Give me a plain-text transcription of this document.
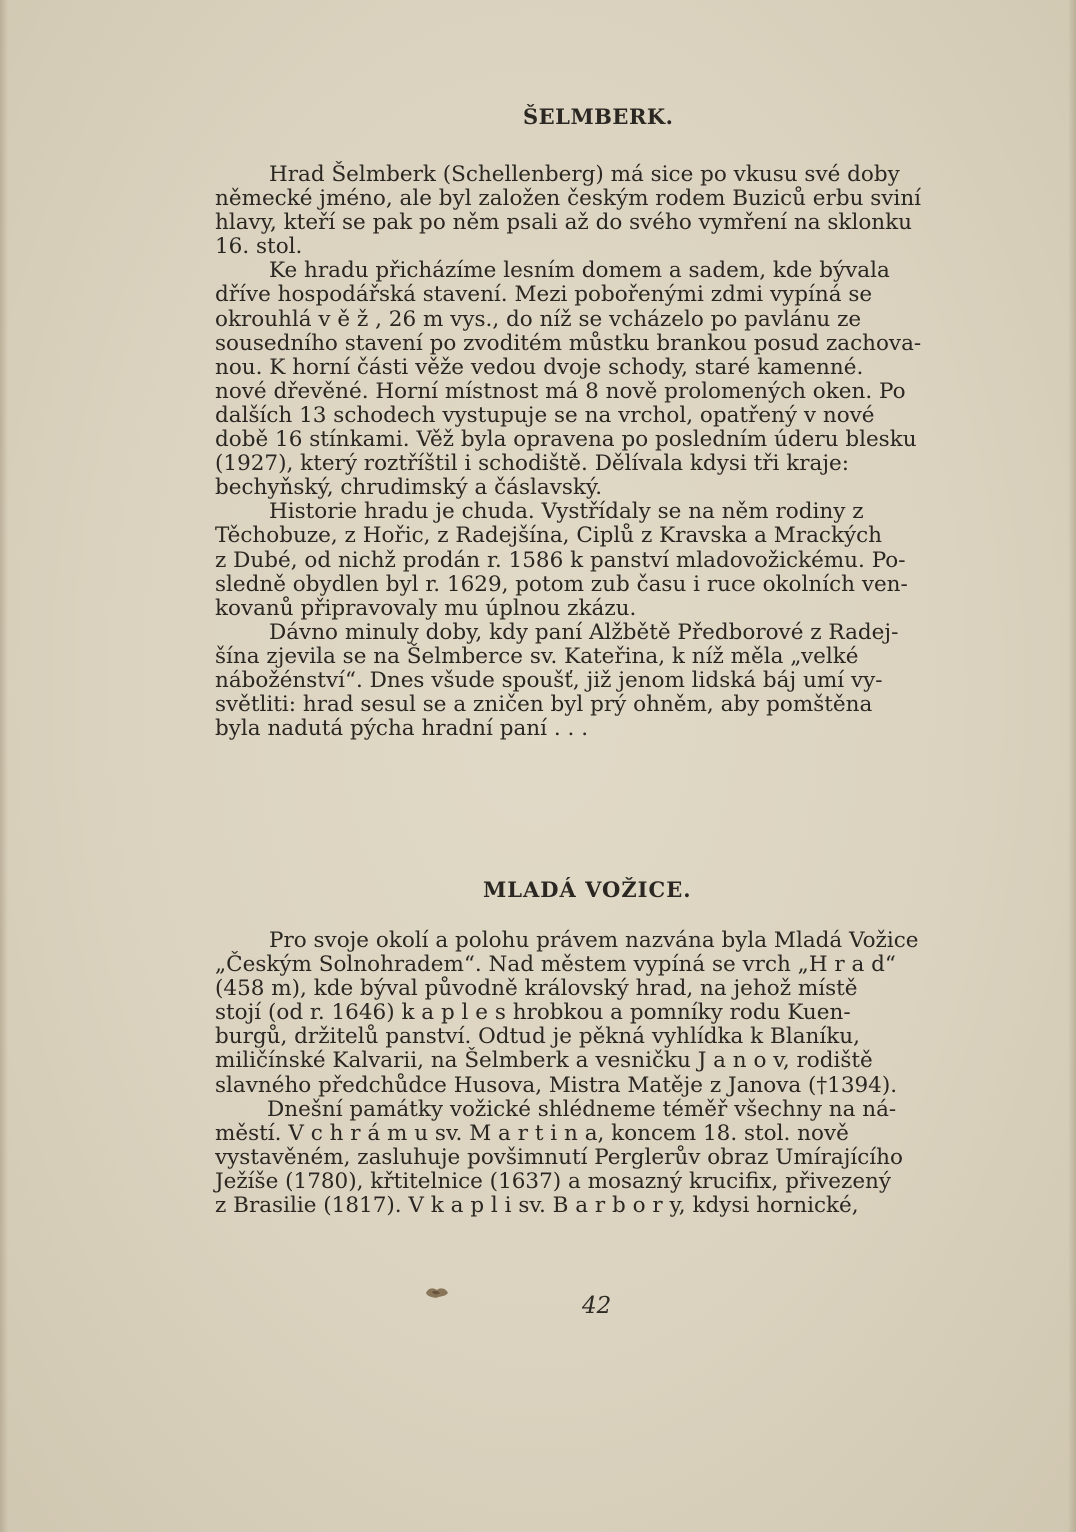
ŠELMBERK.
Hrad Šelmberk (Schellenberg) má sice po vkusu své doby
německé jméno, ale byl založen českým rodem Buziců erbu sviní
hlavy, kteří se pak po něm psali až do svého vymření na sklonku
16. stol.
Ke hradu přicházíme lesním domem a sadem, kde bývala
dříve hospodářská stavení. Mezi pobořenými zdmi vypíná se
okrouhlá v ě ž , 26 m vys., do níž se vcházelo po pavlánu ze
sousedního stavení po zvoditém můstku brankou posud zachova-
nou. K horní části věže vedou dvoje schody, staré kamenné.
nové dřevěné. Horní místnost má 8 nově prolomených oken. Po
dalších 13 schodech vystupuje se na vrchol, opatřený v nové
době 16 stínkami. Věž byla opravena po posledním úderu blesku
(1927), který roztříštil i schodiště. Dělívala kdysi tři kraje:
bechyňský, chrudimský a čáslavský.
Historie hradu je chuda. Vystřídaly se na něm rodiny z
Těchobuze, z Hořic, z Radejšína, Ciplů z Kravska a Mrackých
z Dubé, od nichž prodán r. 1586 k panství mladovožickému. Po-
sledně obydlen byl r. 1629, potom zub času i ruce okolních ven-
kovanů připravovaly mu úplnou zkázu.
Dávno minuly doby, kdy paní Alžbětě Předborové z Radej-
šína zjevila se na Šelmberce sv. Kateřina, k níž měla „velké
nábožénství“. Dnes všude spoušť, již jenom lidská báj umí vy-
světliti: hrad sesul se a zničen byl prý ohněm, aby pomštěna
byla nadutá pýcha hradní paní . . .
MLADÁ VOŽICE.
Pro svoje okolí a polohu právem nazvána byla Mladá Vožice
„Českým Solnohradem“. Nad městem vypíná se vrch „H r a d“
(458 m), kde býval původně královský hrad, na jehož místě
stojí (od r. 1646) k a p l e s hrobkou a pomníky rodu Kuen-
burgů, držitelů panství. Odtud je pěkná vyhlídka k Blaníku,
miličínské Kalvarii, na Šelmberk a vesničku J a n o v, rodiště
slavného předchůdce Husova, Mistra Matěje z Janova (†1394).
Dnešní památky vožické shlédneme téměř všechny na ná-
městí. V c h r á m u sv. M a r t i n a, koncem 18. stol. nově
vystavěném, zasluhuje povšimnutí Perglerův obraz Umírajícího
Ježíše (1780), křtitelnice (1637) a mosazný krucifix, přivezený
z Brasilie (1817). V k a p l i sv. B a r b o r y, kdysi hornické,
42
